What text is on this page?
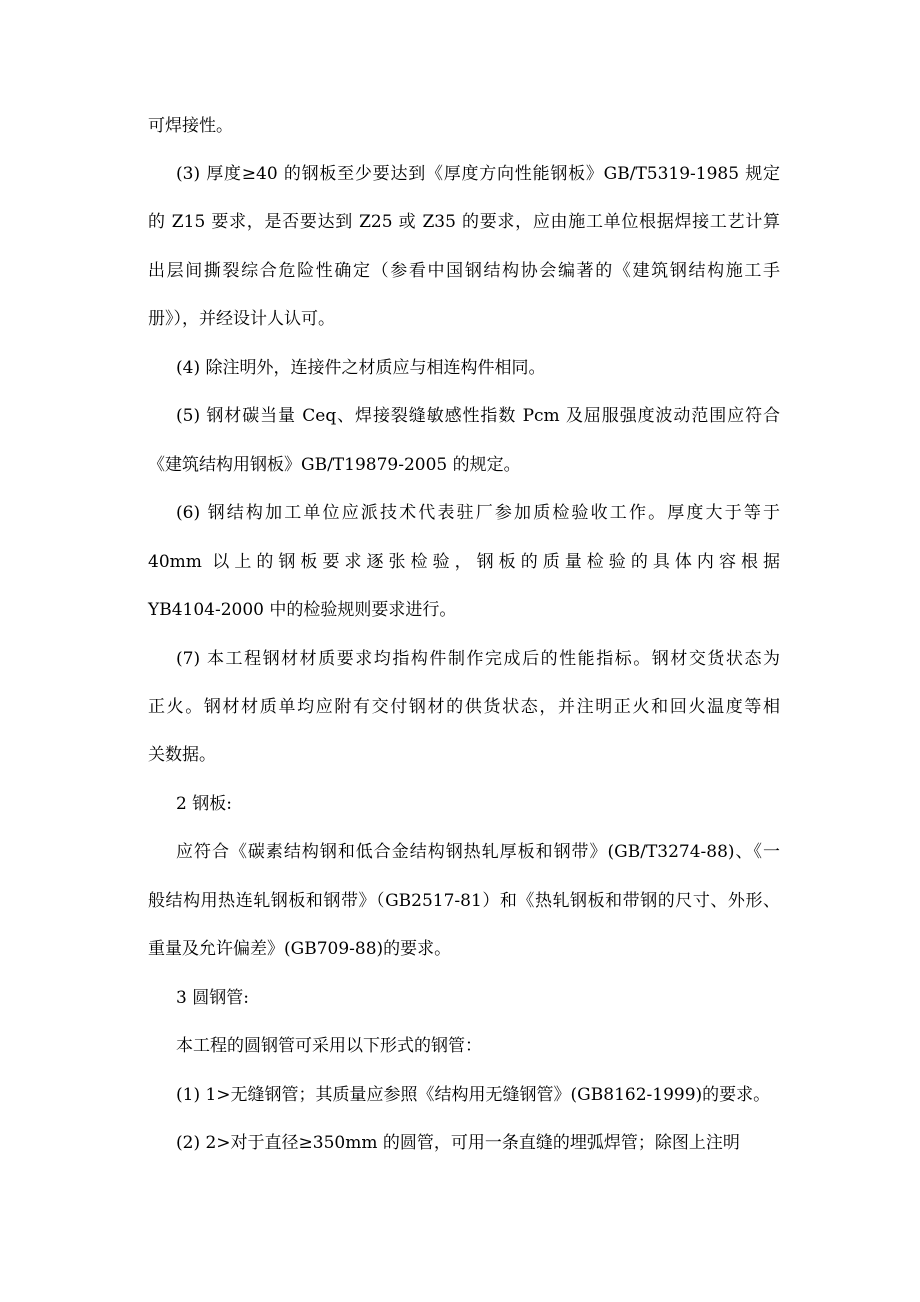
可焊接性。
(3) 厚度≥40 的钢板至少要达到《厚度方向性能钢板》GB/T5319-1985 规定
的 Z15 要求，是否要达到 Z25 或 Z35 的要求，应由施工单位根据焊接工艺计算
出层间撕裂综合危险性确定（参看中国钢结构协会编著的《建筑钢结构施工手
册》），并经设计人认可。
(4) 除注明外，连接件之材质应与相连构件相同。
(5) 钢材碳当量 Ceq、焊接裂缝敏感性指数 Pcm 及屈服强度波动范围应符合
《建筑结构用钢板》GB/T19879-2005 的规定。
(6) 钢结构加工单位应派技术代表驻厂参加质检验收工作。厚度大于等于
40mm 以上的钢板要求逐张检验，钢板的质量检验的具体内容根据
YB4104-2000 中的检验规则要求进行。
(7) 本工程钢材材质要求均指构件制作完成后的性能指标。钢材交货状态为
正火。钢材材质单均应附有交付钢材的供货状态，并注明正火和回火温度等相
关数据。
2 钢板:
应符合《碳素结构钢和低合金结构钢热轧厚板和钢带》(GB/T3274-88)、《一
般结构用热连轧钢板和钢带》（GB2517-81）和《热轧钢板和带钢的尺寸、外形、
重量及允许偏差》(GB709-88)的要求。
3 圆钢管:
本工程的圆钢管可采用以下形式的钢管：
(1) 1>无缝钢管；其质量应参照《结构用无缝钢管》(GB8162-1999)的要求。
(2) 2>对于直径≥350mm 的圆管，可用一条直缝的埋弧焊管；除图上注明
